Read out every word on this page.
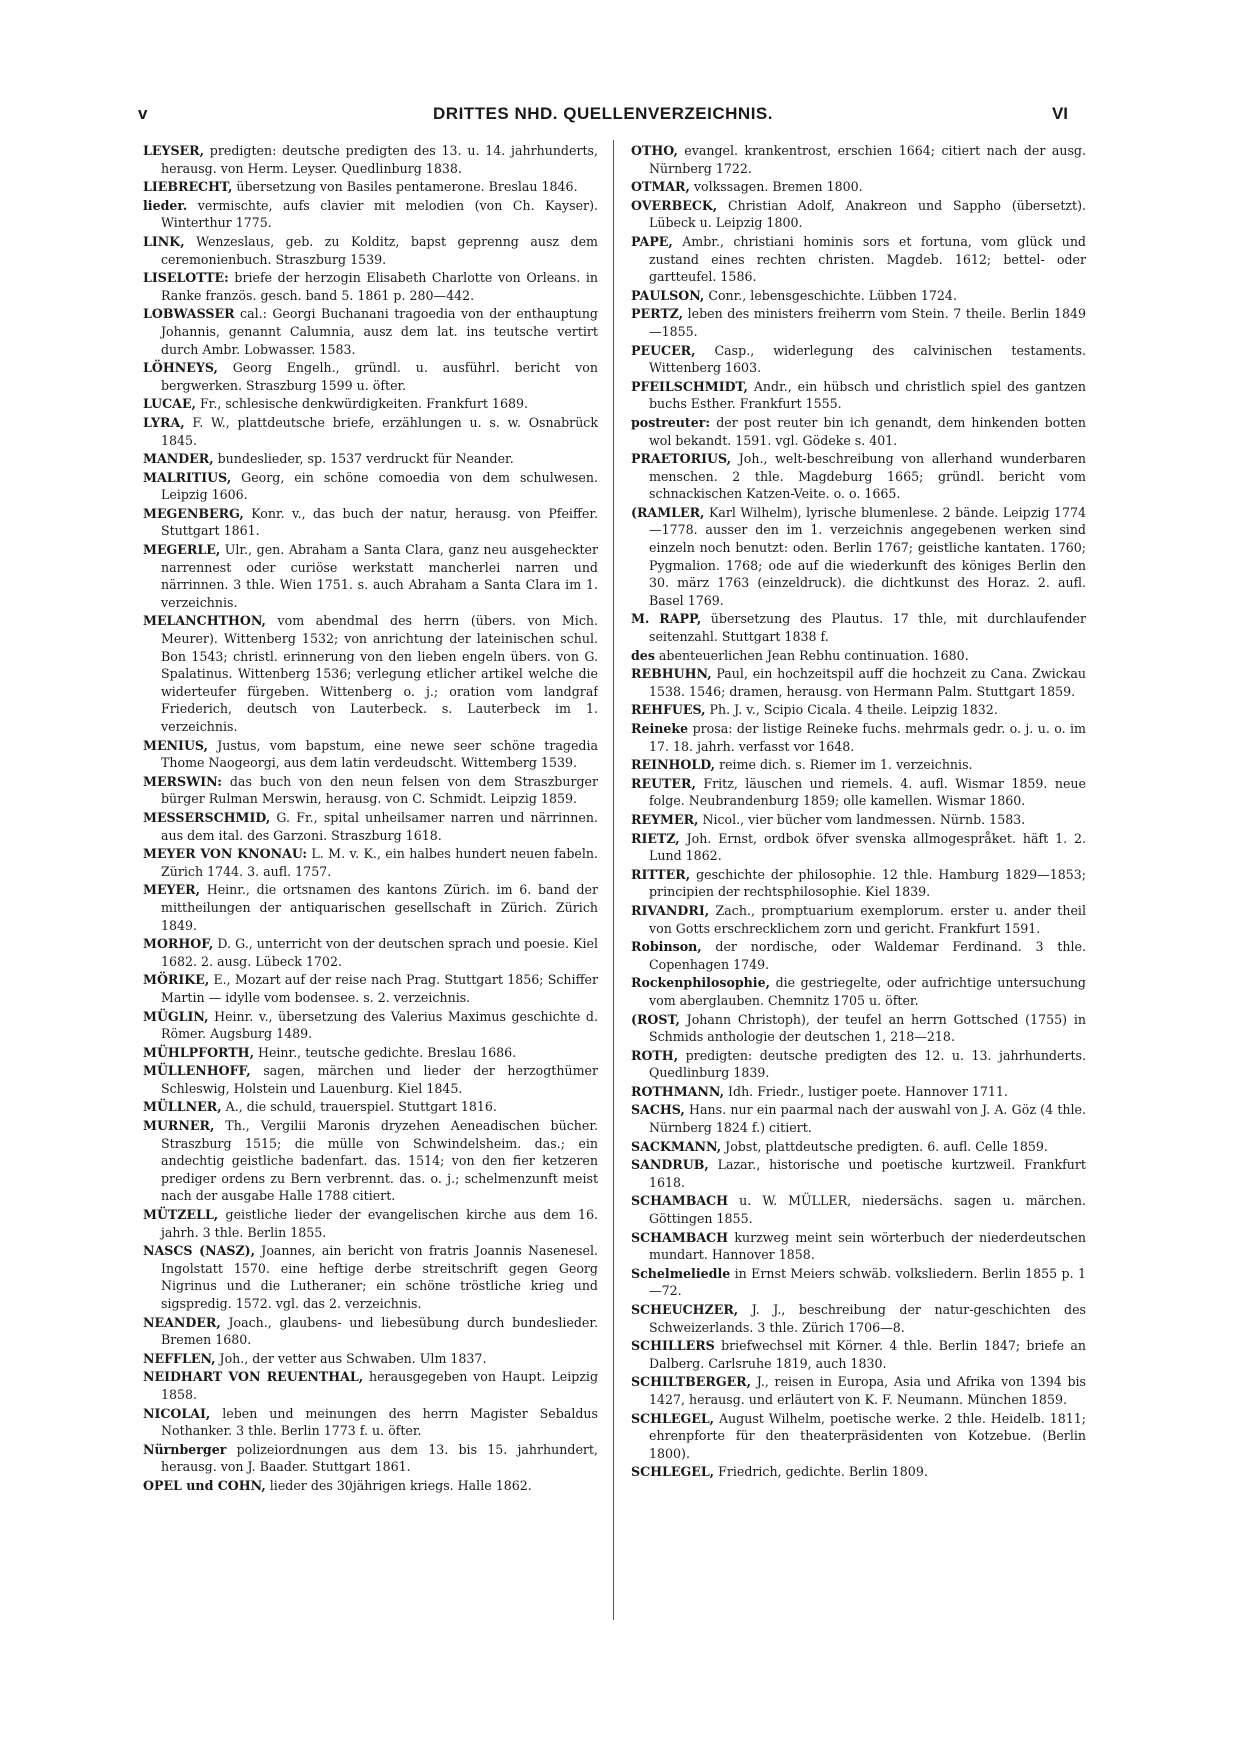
v	DRITTES NHD. QUELLENVERZEICHNIS.	VI
LEYSER, predigten: deutsche predigten des 13. u. 14. jahrhunderts, herausg. von Herm. Leyser. Quedlinburg 1838.
LIEBRECHT, übersetzung von Basiles pentamerone. Breslau 1846.
lieder. vermischte, aufs clavier mit melodien (von Ch. Kayser). Winterthur 1775.
LINK, Wenzeslaus, geb. zu Kolditz, bapst geprenng ausz dem ceremonienbuch. Straszburg 1539.
LISELOTTE: briefe der herzogin Elisabeth Charlotte von Orleans. in Ranke französ. gesch. band 5. 1861 p. 280—442.
LOBWASSER cal.: Georgi Buchanani tragoedia von der enthauptung Johannis, genannt Calumnia, ausz dem lat. ins teutsche vertirt durch Ambr. Lobwasser. 1583.
LÖHNEYS, Georg Engelh., gründl. u. ausführl. bericht von bergwerken. Straszburg 1599 u. öfter.
LUCAE, Fr., schlesische denkwürdigkeiten. Frankfurt 1689.
LYRA, F. W., plattdeutsche briefe, erzählungen u. s. w. Osnabrück 1845.
MANDER, bundeslieder, sp. 1537 verdruckt für Neander.
MALRITIUS, Georg, ein schöne comoedia von dem schulwesen. Leipzig 1606.
MEGENBERG, Konr. v., das buch der natur, herausg. von Pfeiffer. Stuttgart 1861.
MEGERLE, Ulr., gen. Abraham a Santa Clara, ganz neu ausgeheckter narrennest oder curiöse werkstatt mancherlei narren und närrinnen. 3 thle. Wien 1751. s. auch Abraham a Santa Clara im 1. verzeichnis.
MELANCHTHON, vom abendmal des herrn (übers. von Mich. Meurer). Wittenberg 1532; von anrichtung der lateinischen schul. Bon 1543; christl. erinnerung von den lieben engeln übers. von G. Spalatinus. Wittenberg 1536; verlegung etlicher artikel welche die widerteufer fürgeben. Wittenberg o. j.; oration vom landgraf Friederich, deutsch von Lauterbeck. s. Lauterbeck im 1. verzeichnis.
MENIUS, Justus, vom bapstum, eine newe seer schöne tragedia Thome Naogeorgi, aus dem latin verdeudscht. Wittemberg 1539.
MERSWIN: das buch von den neun felsen von dem Straszburger bürger Rulman Merswin, herausg. von C. Schmidt. Leipzig 1859.
MESSERSCHMID, G. Fr., spital unheilsamer narren und närrinnen. aus dem ital. des Garzoni. Straszburg 1618.
MEYER VON KNONAU: L. M. v. K., ein halbes hundert neuen fabeln. Zürich 1744. 3. aufl. 1757.
MEYER, Heinr., die ortsnamen des kantons Zürich. im 6. band der mittheilungen der antiquarischen gesellschaft in Zürich. Zürich 1849.
MORHOF, D. G., unterricht von der deutschen sprach und poesie. Kiel 1682. 2. ausg. Lübeck 1702.
MÖRIKE, E., Mozart auf der reise nach Prag. Stuttgart 1856; Schiffer Martin — idylle vom bodensee. s. 2. verzeichnis.
MÜGLIN, Heinr. v., übersetzung des Valerius Maximus geschichte d. Römer. Augsburg 1489.
MÜHLPFORTH, Heinr., teutsche gedichte. Breslau 1686.
MÜLLENHOFF, sagen, märchen und lieder der herzogthümer Schleswig, Holstein und Lauenburg. Kiel 1845.
MÜLLNER, A., die schuld, trauerspiel. Stuttgart 1816.
MURNER, Th., Vergilii Maronis dryzehen Aeneadischen bücher. Straszburg 1515; die mülle von Schwindelsheim. das.; ein andechtig geistliche badenfart. das. 1514; von den fier ketzeren prediger ordens zu Bern verbrennt. das. o. j.; schelmenzunft meist nach der ausgabe Halle 1788 citiert.
MÜTZELL, geistliche lieder der evangelischen kirche aus dem 16. jahrh. 3 thle. Berlin 1855.
NASCS (NASZ), Joannes, ain bericht von fratris Joannis Nasenesel. Ingolstatt 1570. eine heftige derbe streitschrift gegen Georg Nigrinus und die Lutheraner; ein schöne tröstliche krieg und sigspredig. 1572. vgl. das 2. verzeichnis.
NEANDER, Joach., glaubens- und liebesübung durch bundeslieder. Bremen 1680.
NEFFLEN, Joh., der vetter aus Schwaben. Ulm 1837.
NEIDHART VON REUENTHAL, herausgegeben von Haupt. Leipzig 1858.
NICOLAI, leben und meinungen des herrn Magister Sebaldus Nothanker. 3 thle. Berlin 1773 f. u. öfter.
Nürnberger polizeiordnungen aus dem 13. bis 15. jahrhundert, herausg. von J. Baader. Stuttgart 1861.
OPEL und COHN, lieder des 30jährigen kriegs. Halle 1862.
OTHO, evangel. krankentrost, erschien 1664; citiert nach der ausg. Nürnberg 1722.
OTMAR, volkssagen. Bremen 1800.
OVERBECK, Christian Adolf, Anakreon und Sappho (übersetzt). Lübeck u. Leipzig 1800.
PAPE, Ambr., christiani hominis sors et fortuna, vom glück und zustand eines rechten christen. Magdeb. 1612; bettel- oder gartteufel. 1586.
PAULSON, Conr., lebensgeschichte. Lübben 1724.
PERTZ, leben des ministers freiherrn vom Stein. 7 theile. Berlin 1849—1855.
PEUCER, Casp., widerlegung des calvinischen testaments. Wittenberg 1603.
PFEILSCHMIDT, Andr., ein hübsch und christlich spiel des gantzen buchs Esther. Frankfurt 1555.
postreuter: der post reuter bin ich genandt, dem hinkenden botten wol bekandt. 1591. vgl. Gödeke s. 401.
PRAETORIUS, Joh., welt-beschreibung von allerhand wunderbaren menschen. 2 thle. Magdeburg 1665; gründl. bericht vom schnackischen Katzen-Veite. o. o. 1665.
(RAMLER, Karl Wilhelm), lyrische blumenlese. 2 bände. Leipzig 1774—1778. ausser den im 1. verzeichnis angegebenen werken sind einzeln noch benutzt: oden. Berlin 1767; geistliche kantaten. 1760; Pygmalion. 1768; ode auf die wiederkunft des königes Berlin den 30. märz 1763 (einzeldruck). die dichtkunst des Horaz. 2. aufl. Basel 1769.
M. RAPP, übersetzung des Plautus. 17 thle, mit durchlaufender seitenzahl. Stuttgart 1838 f.
des abenteuerlichen Jean Rebhu continuation. 1680.
REBHUHN, Paul, ein hochzeitspil auff die hochzeit zu Cana. Zwickau 1538. 1546; dramen, herausg. von Hermann Palm. Stuttgart 1859.
REHFUES, Ph. J. v., Scipio Cicala. 4 theile. Leipzig 1832.
Reineke prosa: der listige Reineke fuchs. mehrmals gedr. o. j. u. o. im 17. 18. jahrh. verfasst vor 1648.
REINHOLD, reime dich. s. Riemer im 1. verzeichnis.
REUTER, Fritz, läuschen und riemels. 4. aufl. Wismar 1859. neue folge. Neubrandenburg 1859; olle kamellen. Wismar 1860.
REYMER, Nicol., vier bücher vom landmessen. Nürnb. 1583.
RIETZ, Joh. Ernst, ordbok öfver svenska allmogespråket. häft 1. 2. Lund 1862.
RITTER, geschichte der philosophie. 12 thle. Hamburg 1829—1853; principien der rechtsphilosophie. Kiel 1839.
RIVANDRI, Zach., promptuarium exemplorum. erster u. ander theil von Gotts erschrecklichem zorn und gericht. Frankfurt 1591.
Robinson, der nordische, oder Waldemar Ferdinand. 3 thle. Copenhagen 1749.
Rockenphilosophie, die gestriegelte, oder aufrichtige untersuchung vom aberglauben. Chemnitz 1705 u. öfter.
(ROST, Johann Christoph), der teufel an herrn Gottsched (1755) in Schmids anthologie der deutschen 1, 218—218.
ROTH, predigten: deutsche predigten des 12. u. 13. jahrhunderts. Quedlinburg 1839.
ROTHMANN, Idh. Friedr., lustiger poete. Hannover 1711.
SACHS, Hans. nur ein paarmal nach der auswahl von J. A. Göz (4 thle. Nürnberg 1824 f.) citiert.
SACKMANN, Jobst, plattdeutsche predigten. 6. aufl. Celle 1859.
SANDRUB, Lazar., historische und poetische kurtzweil. Frankfurt 1618.
SCHAMBACH u. W. MÜLLER, niedersächs. sagen u. märchen. Göttingen 1855.
SCHAMBACH kurzweg meint sein wörterbuch der niederdeutschen mundart. Hannover 1858.
Schelmeliedle in Ernst Meiers schwäb. volksliedern. Berlin 1855 p. 1—72.
SCHEUCHZER, J. J., beschreibung der natur-geschichten des Schweizerlands. 3 thle. Zürich 1706—8.
SCHILLERS briefwechsel mit Körner. 4 thle. Berlin 1847; briefe an Dalberg. Carlsruhe 1819, auch 1830.
SCHILTBERGER, J., reisen in Europa, Asia und Afrika von 1394 bis 1427, herausg. und erläutert von K. F. Neumann. München 1859.
SCHLEGEL, August Wilhelm, poetische werke. 2 thle. Heidelb. 1811; ehrenpforte für den theaterpräsidenten von Kotzebue. (Berlin 1800).
SCHLEGEL, Friedrich, gedichte. Berlin 1809.
